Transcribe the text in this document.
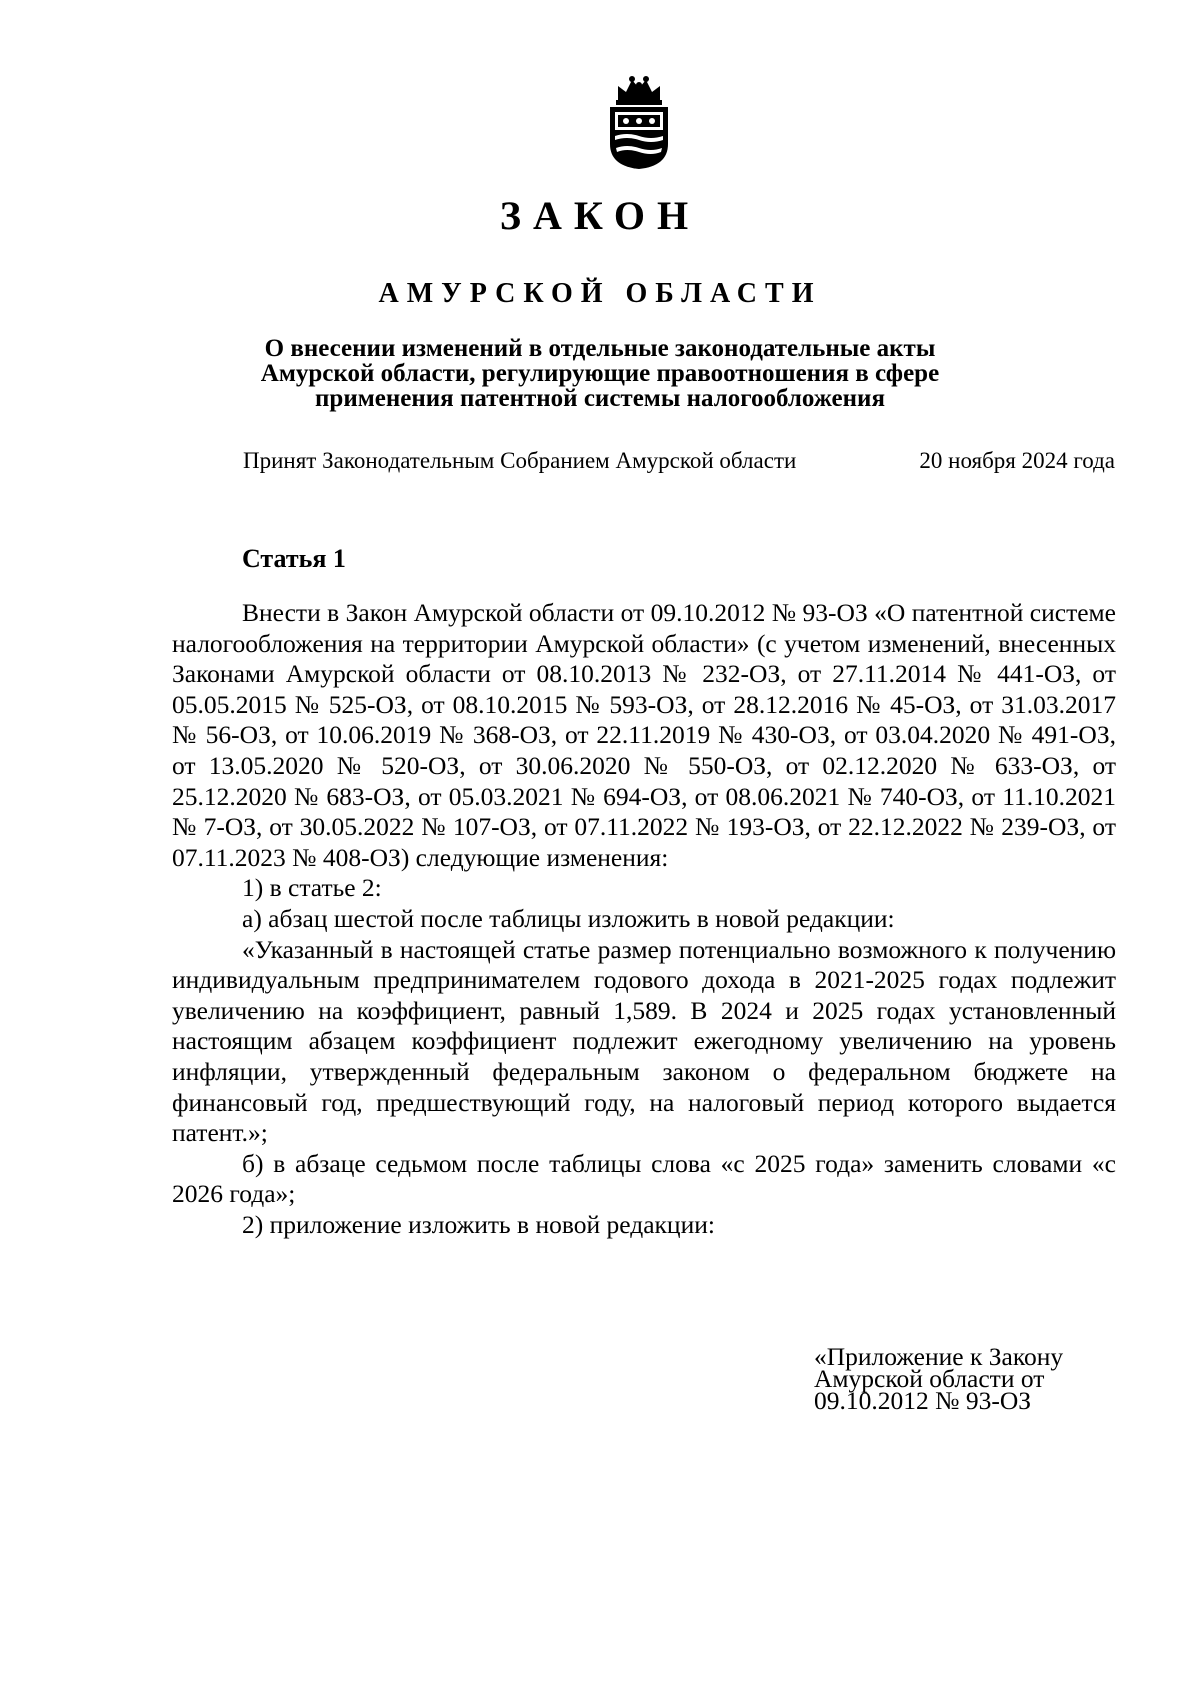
ЗАКОН
АМУРСКОЙ ОБЛАСТИ
О внесении изменений в отдельные законодательные акты
Амурской области, регулирующие правоотношения в сфере
применения патентной системы налогообложения
Принят Законодательным Собранием Амурской области	20 ноября 2024 года
Статья 1

Внести в Закон Амурской области от 09.10.2012 № 93-ОЗ «О патентной системе налогообложения на территории Амурской области» (с учетом изменений, внесенных Законами Амурской области от 08.10.2013 № 232-ОЗ, от 27.11.2014 № 441-ОЗ, от 05.05.2015 № 525-ОЗ, от 08.10.2015 № 593-ОЗ, от 28.12.2016 № 45-ОЗ, от 31.03.2017 № 56-ОЗ, от 10.06.2019 № 368-ОЗ, от 22.11.2019 № 430-ОЗ, от 03.04.2020 № 491-ОЗ, от 13.05.2020 № 520-ОЗ, от 30.06.2020 № 550-ОЗ, от 02.12.2020 № 633-ОЗ, от 25.12.2020 № 683-ОЗ, от 05.03.2021 № 694-ОЗ, от 08.06.2021 № 740-ОЗ, от 11.10.2021 № 7-ОЗ, от 30.05.2022 № 107-ОЗ, от 07.11.2022 № 193-ОЗ, от 22.12.2022 № 239-ОЗ, от 07.11.2023 № 408-ОЗ) следующие изменения:

1) в статье 2:

а) абзац шестой после таблицы изложить в новой редакции:

«Указанный в настоящей статье размер потенциально возможного к получению индивидуальным предпринимателем годового дохода в 2021-2025 годах подлежит увеличению на коэффициент, равный 1,589. В 2024 и 2025 годах установленный настоящим абзацем коэффициент подлежит ежегодному увеличению на уровень инфляции, утвержденный федеральным законом о федеральном бюджете на финансовый год, предшествующий году, на налоговый период которого выдается патент.»;

б) в абзаце седьмом после таблицы слова «с 2025 года» заменить словами «с 2026 года»;

2) приложение изложить в новой редакции:

«Приложение к Закону
Амурской области от
09.10.2012 № 93-ОЗ
